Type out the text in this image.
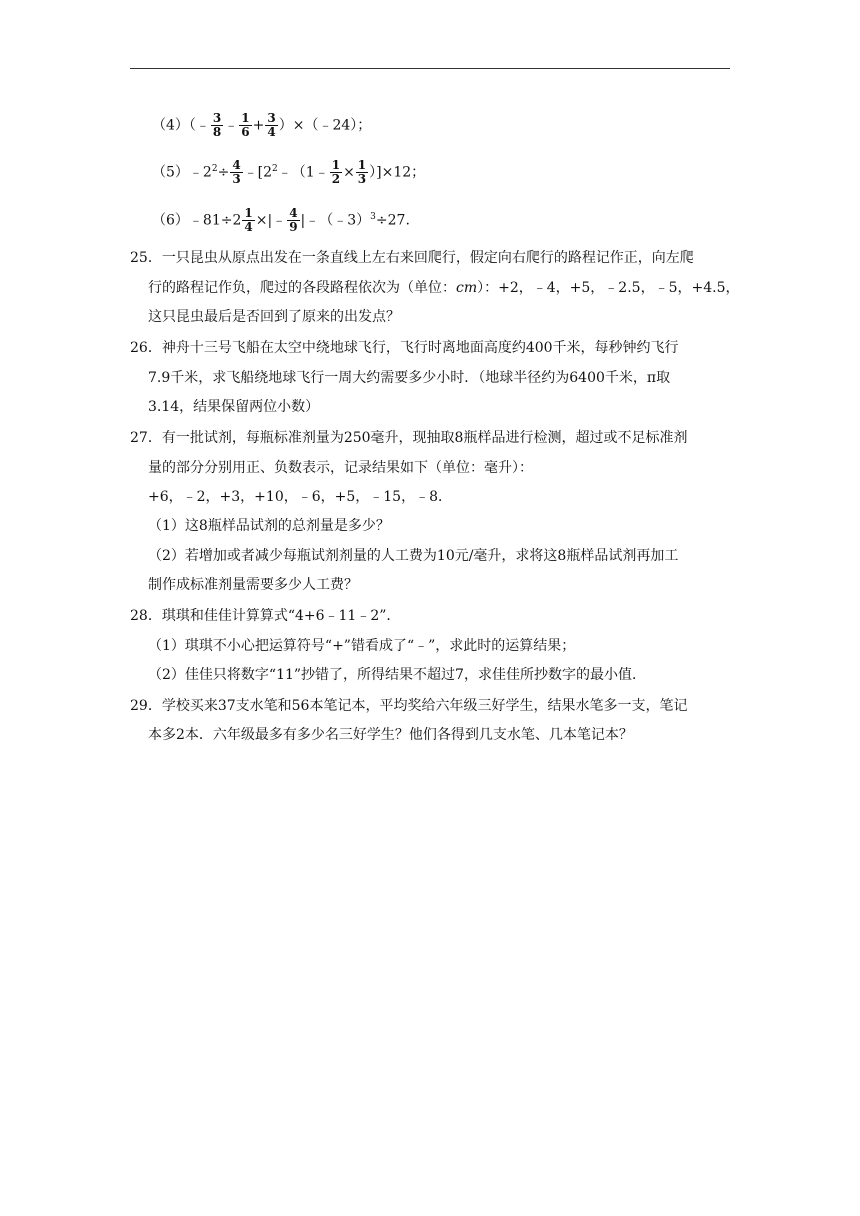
（4）（﹣ $\frac{3}{8}$ ﹣ $\frac{1}{6} + \frac{3}{4}$ ）×（﹣24）；
$(5)﹣2^2\div \frac{4}{3}$ $﹣[2^2﹣(1﹣ \frac{1}{2} \times \frac{1}{3} )]\times 12$；
（6）﹣81÷2 $\frac{1}{4}$ ×|﹣ $\frac{4}{9}$ |﹣（﹣3）$^3$÷27.
25．一只昆虫从原点出发在一条直线上左右来回爬行，假定向右爬行的路程记作正，向左爬
行的路程记作负，爬过的各段路程依次为（单位：cm）：+2，﹣4，+5，﹣2.5，﹣5，+4.5，
这只昆虫最后是否回到了原来的出发点？
26．神舟十三号飞船在太空中绕地球飞行，飞行时离地面高度约400千米，每秒钟约飞行
7.9千米，求飞船绕地球飞行一周大约需要多少小时．（地球半径约为6400千米，π取
3.14，结果保留两位小数）
27．有一批试剂，每瓶标准剂量为250毫升，现抽取8瓶样品进行检测，超过或不足标准剂
量的部分分别用正、负数表示，记录结果如下（单位：毫升）：
+6，﹣2，+3，+10，﹣6，+5，﹣15，﹣8．
（1）这8瓶样品试剂的总剂量是多少？
（2）若增加或者减少每瓶试剂剂量的人工费为10元/毫升，求将这8瓶样品试剂再加工
制作成标准剂量需要多少人工费？
28．琪琪和佳佳计算算式“4+6﹣11﹣2”．
（1）琪琪不小心把运算符号“+”错看成了“﹣”，求此时的运算结果；
（2）佳佳只将数字“11”抄错了，所得结果不超过7，求佳佳所抄数字的最小值．
29．学校买来37支水笔和56本笔记本，平均奖给六年级三好学生，结果水笔多一支，笔记
本多2本．六年级最多有多少名三好学生？他们各得到几支水笔、几本笔记本？
